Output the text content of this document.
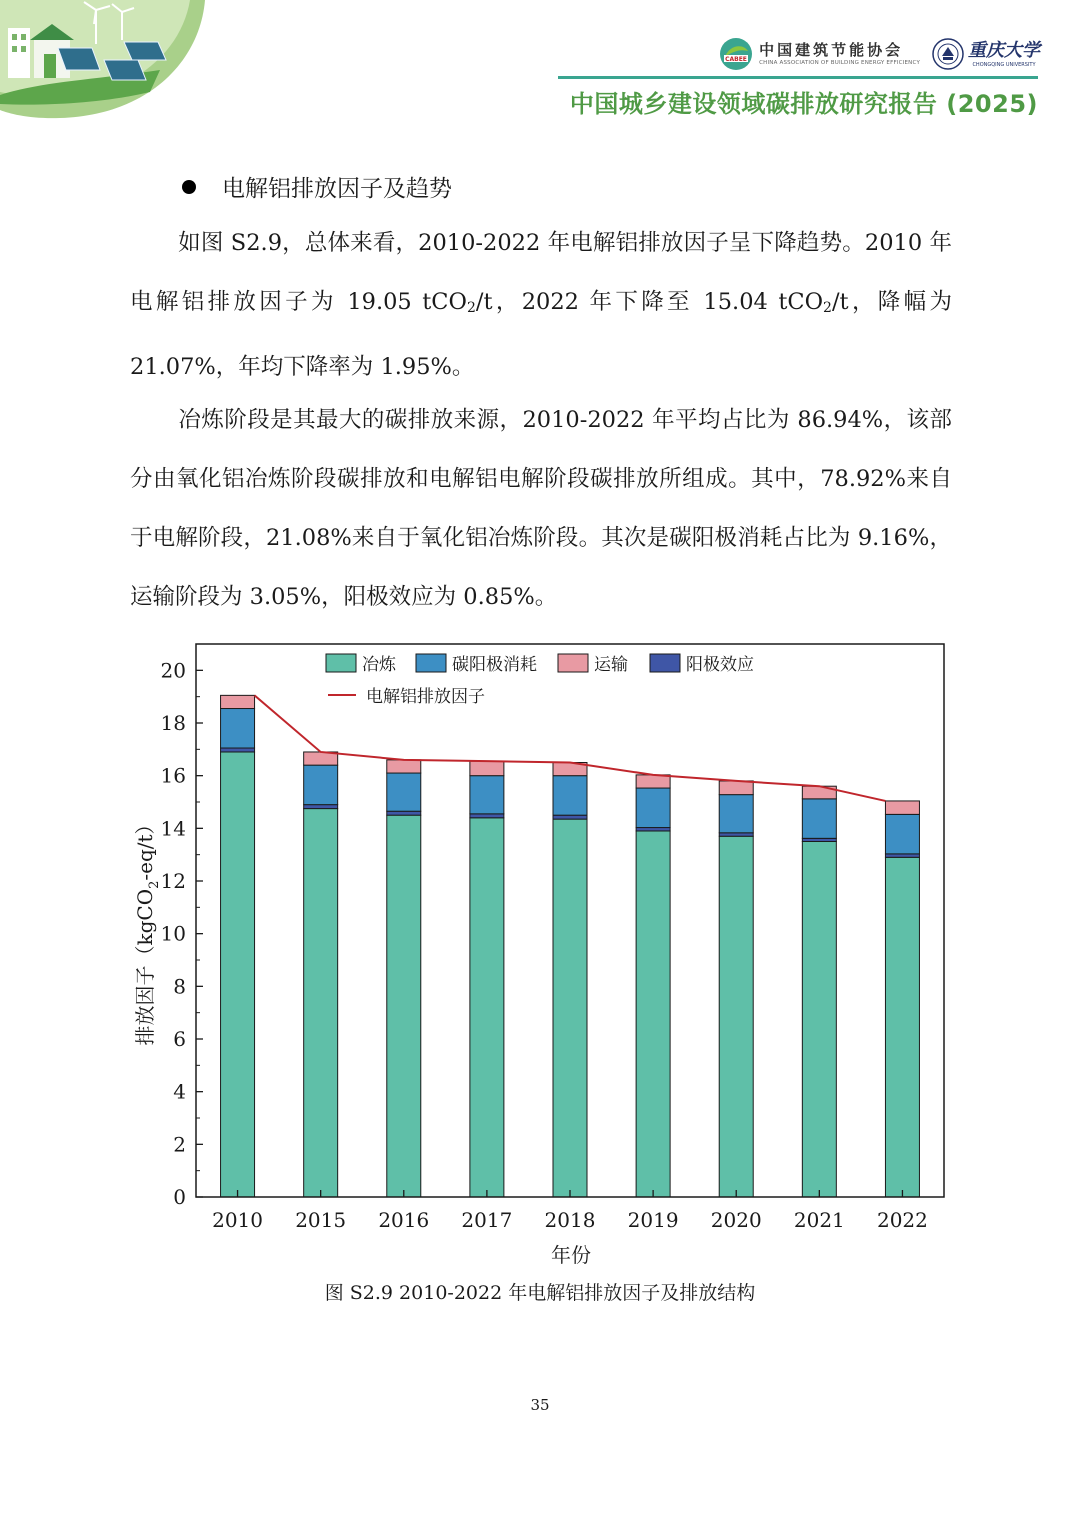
CABEE
中国建筑节能协会
CHINA ASSOCIATION OF BUILDING ENERGY EFFICIENCY
重庆大学
CHONGQING UNIVERSITY
中国城乡建设领域碳排放研究报告 (2025)
电解铝排放因子及趋势
如图 S2.9，总体来看，2010-2022 年电解铝排放因子呈下降趋势。2010 年电解铝排放因子为 19.05 tCO$_2$/t，2022 年下降至 15.04 tCO$_2$/t，降幅为 21.07%，年均下降率为 1.95%。
冶炼阶段是其最大的碳排放来源，2010-2022 年平均占比为 86.94%，该部分由氧化铝冶炼阶段碳排放和电解铝电解阶段碳排放所组成。其中，78.92%来自于电解阶段，21.08%来自于氧化铝冶炼阶段。其次是碳阳极消耗占比为 9.16%，运输阶段为 3.05%，阳极效应为 0.85%。
0
2
4
6
8
10
12
14
16
18
20
2010 2015 2016 2017 2018 2019 2020 2021 2022
冶炼	碳阳极消耗	运输	阳极效应
电解铝排放因子
排放因子（kgCO$_2$-eq/t）
年份
图 S2.9 2010-2022 年电解铝排放因子及排放结构
35
